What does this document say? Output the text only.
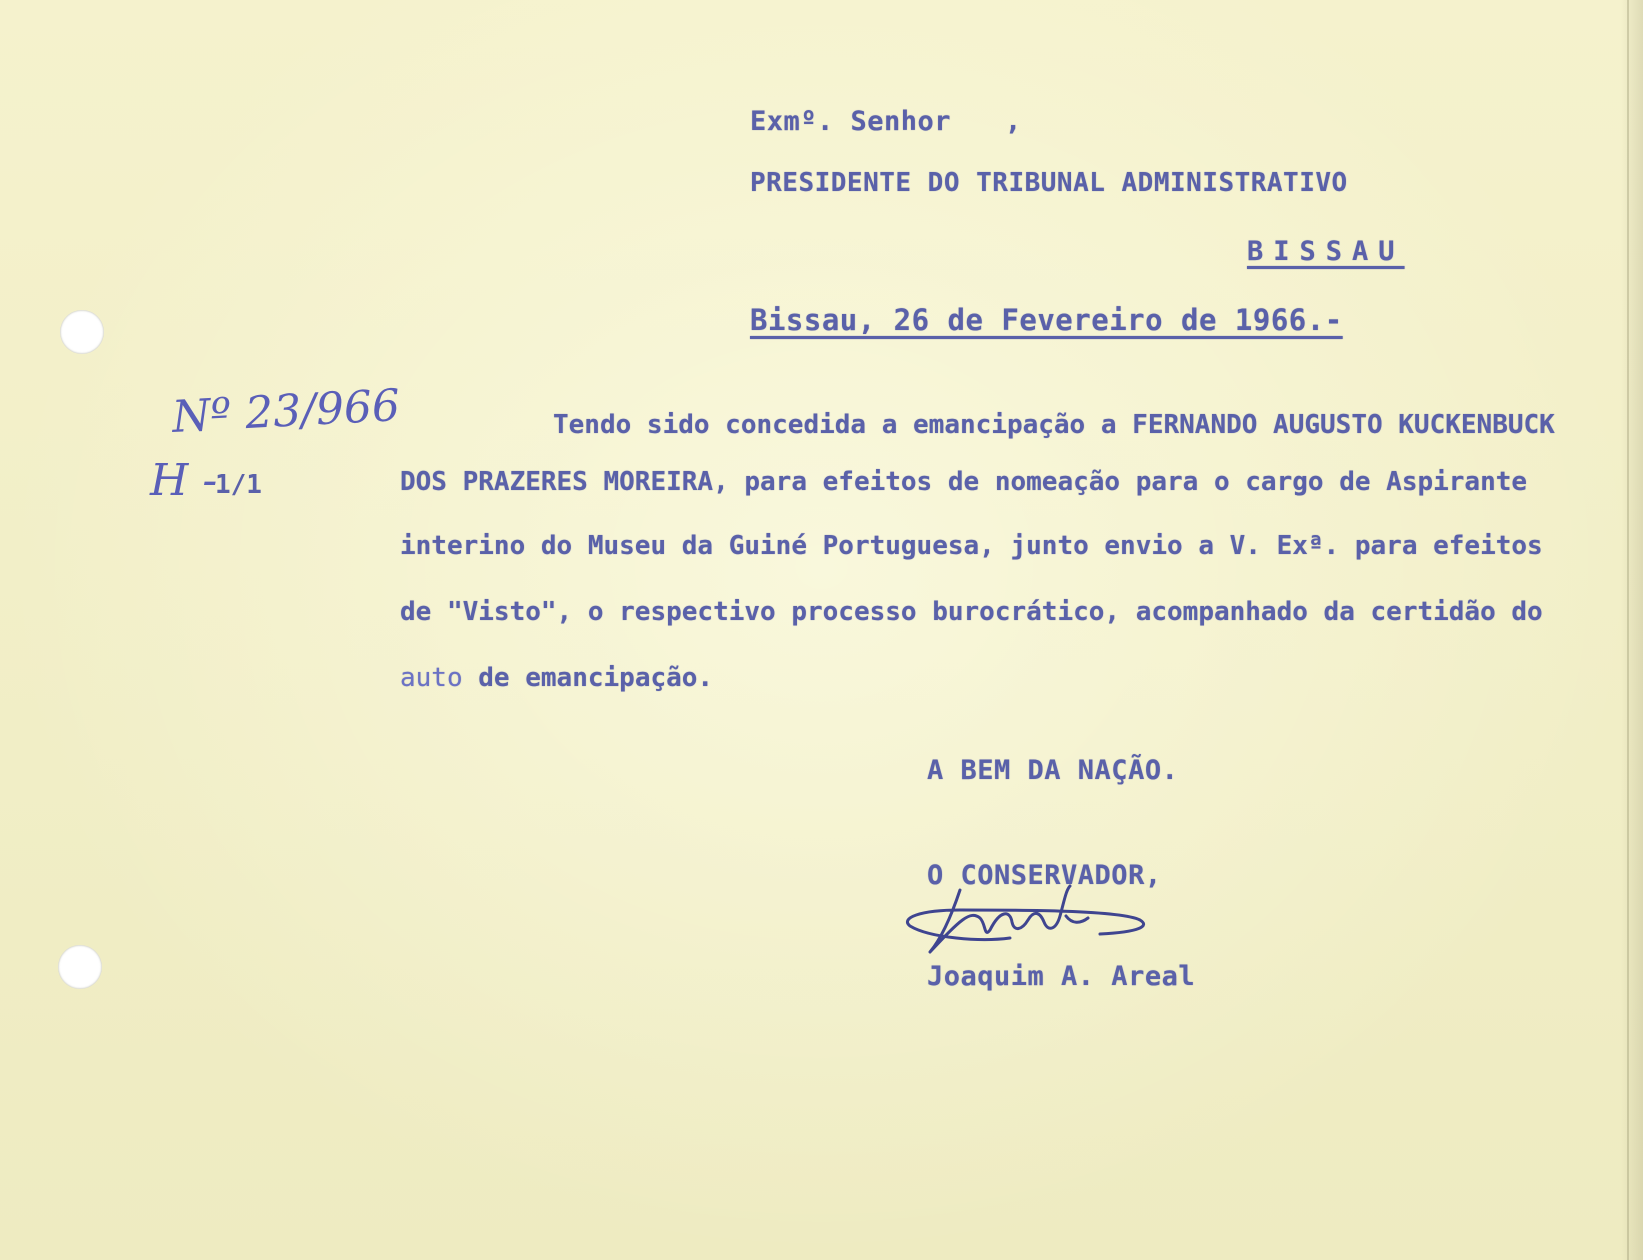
Exmº. Senhor ,
PRESIDENTE DO TRIBUNAL ADMINISTRATIVO
BISSAU
Bissau, 26 de Fevereiro de 1966.-
Nº 23/966
H -
1/1
Tendo sido concedida a emancipação a FERNANDO AUGUSTO KUCKENBUCK
DOS PRAZERES MOREIRA, para efeitos de nomeação para o cargo de Aspirante
interino do Museu da Guiné Portuguesa, junto envio a V. Exª. para efeitos
de "Visto", o respectivo processo burocrático, acompanhado da certidão do
auto de emancipação.
A BEM DA NAÇÃO.
O CONSERVADOR,
Joaquim A. Areal
